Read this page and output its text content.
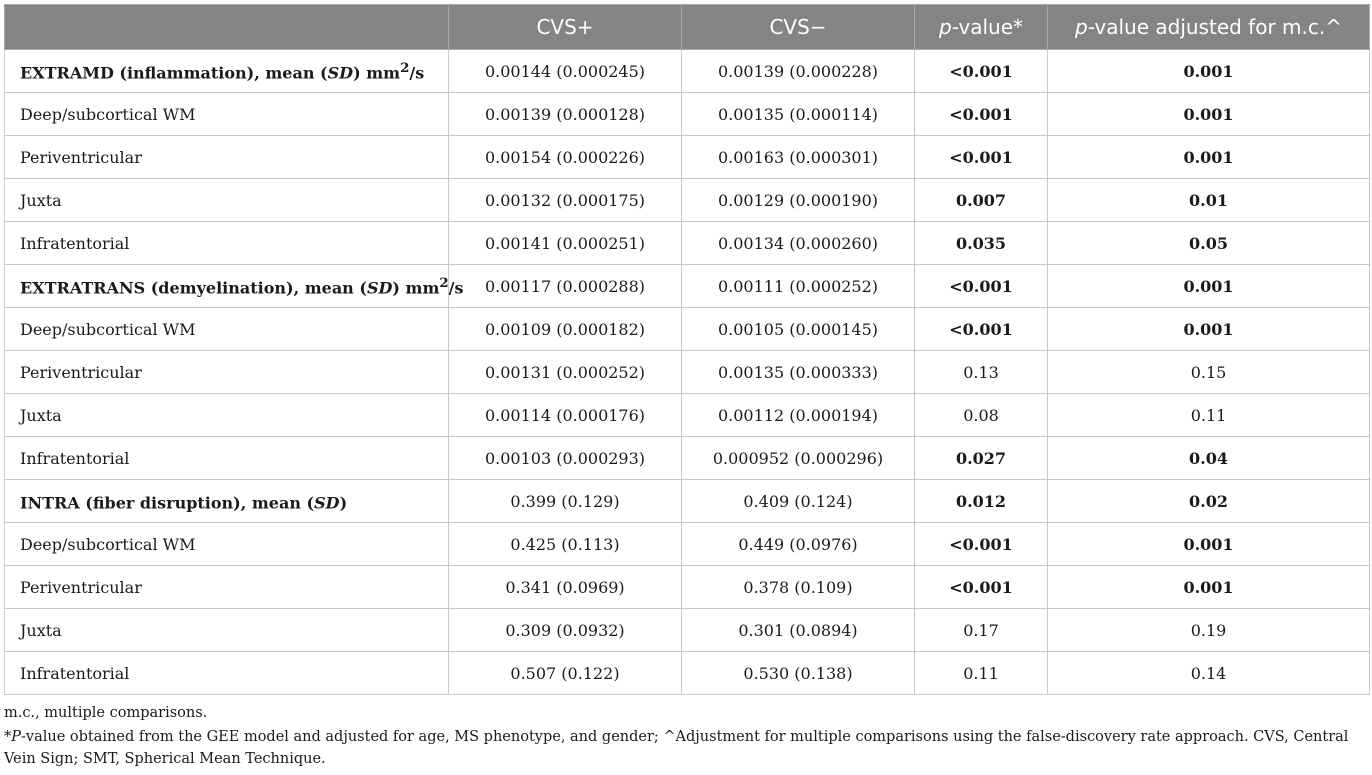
	CVS+	CVS−	p-value*	p-value adjusted for m.c.^
EXTRAMD (inflammation), mean (SD) $mm^2/s$	0.00144 (0.000245)	0.00139 (0.000228)	<0.001	0.001
Deep/subcortical WM	0.00139 (0.000128)	0.00135 (0.000114)	<0.001	0.001
Periventricular	0.00154 (0.000226)	0.00163 (0.000301)	<0.001	0.001
Juxta	0.00132 (0.000175)	0.00129 (0.000190)	0.007	0.01
Infratentorial	0.00141 (0.000251)	0.00134 (0.000260)	0.035	0.05
EXTRATRANS (demyelination), mean (SD) $mm^2/s$	0.00117 (0.000288)	0.00111 (0.000252)	<0.001	0.001
Deep/subcortical WM	0.00109 (0.000182)	0.00105 (0.000145)	<0.001	0.001
Periventricular	0.00131 (0.000252)	0.00135 (0.000333)	0.13	0.15
Juxta	0.00114 (0.000176)	0.00112 (0.000194)	0.08	0.11
Infratentorial	0.00103 (0.000293)	0.000952 (0.000296)	0.027	0.04
INTRA (fiber disruption), mean (SD)	0.399 (0.129)	0.409 (0.124)	0.012	0.02
Deep/subcortical WM	0.425 (0.113)	0.449 (0.0976)	<0.001	0.001
Periventricular	0.341 (0.0969)	0.378 (0.109)	<0.001	0.001
Juxta	0.309 (0.0932)	0.301 (0.0894)	0.17	0.19
Infratentorial	0.507 (0.122)	0.530 (0.138)	0.11	0.14
m.c., multiple comparisons.
*P-value obtained from the GEE model and adjusted for age, MS phenotype, and gender; ^Adjustment for multiple comparisons using the false-discovery rate approach. CVS, Central Vein Sign; SMT, Spherical Mean Technique.
